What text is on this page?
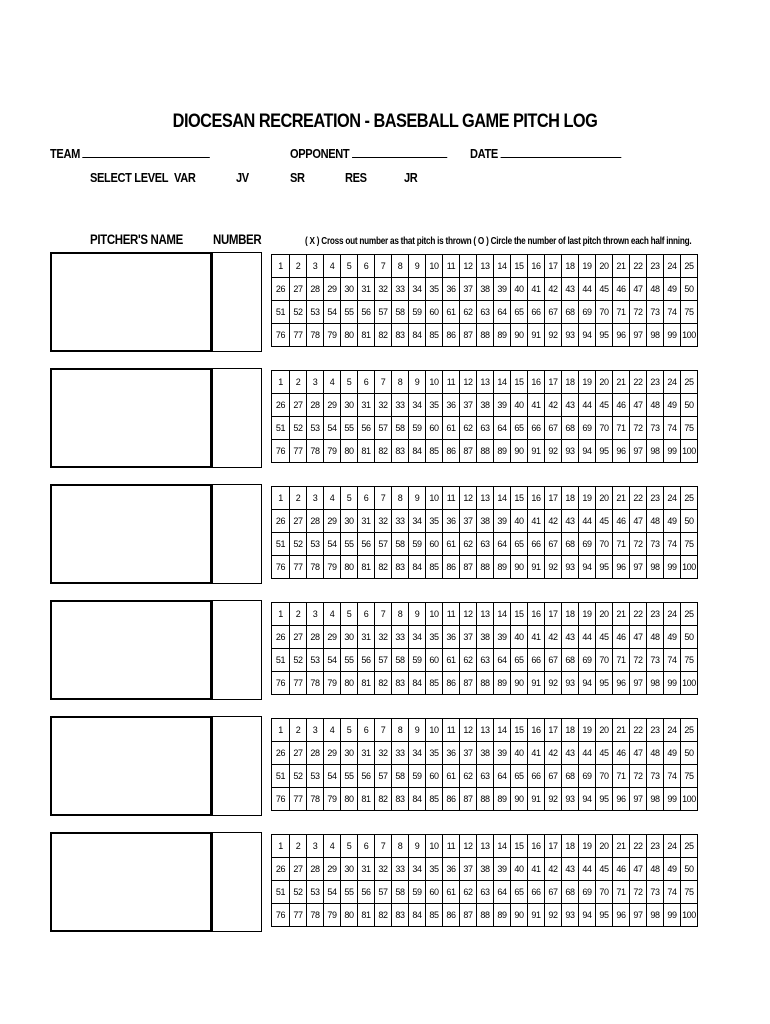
DIOCESAN RECREATION - BASEBALL GAME PITCH LOG
TEAM	OPPONENT	DATE
SELECT LEVEL VAR	JV	SR	RES	JR
PITCHER'S NAME NUMBER	( X ) Cross out number as that pitch is thrown ( O ) Circle the number of last pitch thrown each half inning.
1	2	3	4	5	6	7	8	9	10	11	12	13	14	15	16	17	18	19	20	21	22	23	24	25
26	27	28	29	30	31	32	33	34	35	36	37	38	39	40	41	42	43	44	45	46	47	48	49	50
51	52	53	54	55	56	57	58	59	60	61	62	63	64	65	66	67	68	69	70	71	72	73	74	75
76	77	78	79	80	81	82	83	84	85	86	87	88	89	90	91	92	93	94	95	96	97	98	99	100
1	2	3	4	5	6	7	8	9	10	11	12	13	14	15	16	17	18	19	20	21	22	23	24	25
26	27	28	29	30	31	32	33	34	35	36	37	38	39	40	41	42	43	44	45	46	47	48	49	50
51	52	53	54	55	56	57	58	59	60	61	62	63	64	65	66	67	68	69	70	71	72	73	74	75
76	77	78	79	80	81	82	83	84	85	86	87	88	89	90	91	92	93	94	95	96	97	98	99	100
1	2	3	4	5	6	7	8	9	10	11	12	13	14	15	16	17	18	19	20	21	22	23	24	25
26	27	28	29	30	31	32	33	34	35	36	37	38	39	40	41	42	43	44	45	46	47	48	49	50
51	52	53	54	55	56	57	58	59	60	61	62	63	64	65	66	67	68	69	70	71	72	73	74	75
76	77	78	79	80	81	82	83	84	85	86	87	88	89	90	91	92	93	94	95	96	97	98	99	100
1	2	3	4	5	6	7	8	9	10	11	12	13	14	15	16	17	18	19	20	21	22	23	24	25
26	27	28	29	30	31	32	33	34	35	36	37	38	39	40	41	42	43	44	45	46	47	48	49	50
51	52	53	54	55	56	57	58	59	60	61	62	63	64	65	66	67	68	69	70	71	72	73	74	75
76	77	78	79	80	81	82	83	84	85	86	87	88	89	90	91	92	93	94	95	96	97	98	99	100
1	2	3	4	5	6	7	8	9	10	11	12	13	14	15	16	17	18	19	20	21	22	23	24	25
26	27	28	29	30	31	32	33	34	35	36	37	38	39	40	41	42	43	44	45	46	47	48	49	50
51	52	53	54	55	56	57	58	59	60	61	62	63	64	65	66	67	68	69	70	71	72	73	74	75
76	77	78	79	80	81	82	83	84	85	86	87	88	89	90	91	92	93	94	95	96	97	98	99	100
1	2	3	4	5	6	7	8	9	10	11	12	13	14	15	16	17	18	19	20	21	22	23	24	25
26	27	28	29	30	31	32	33	34	35	36	37	38	39	40	41	42	43	44	45	46	47	48	49	50
51	52	53	54	55	56	57	58	59	60	61	62	63	64	65	66	67	68	69	70	71	72	73	74	75
76	77	78	79	80	81	82	83	84	85	86	87	88	89	90	91	92	93	94	95	96	97	98	99	100
